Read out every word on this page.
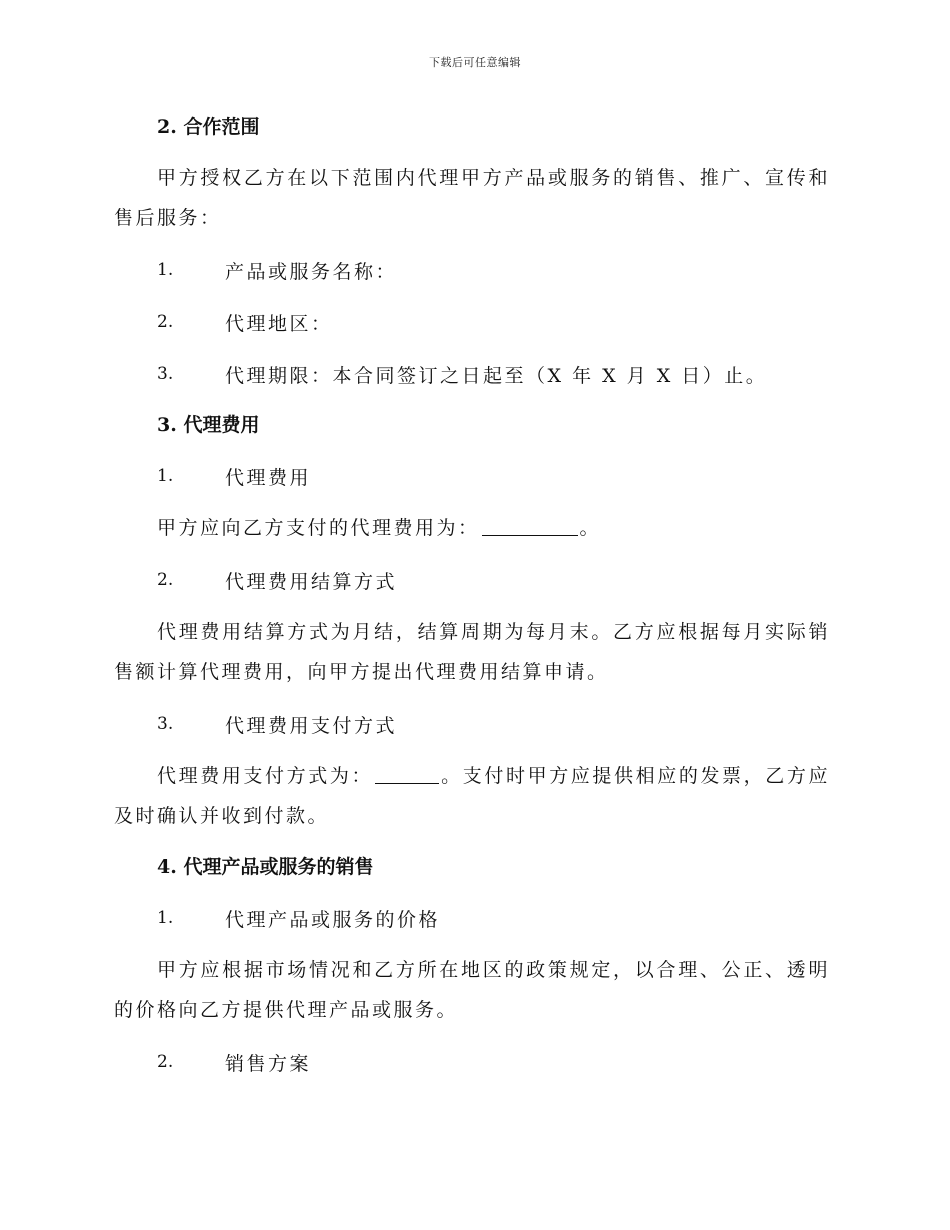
下载后可任意编辑
2. 合作范围

甲方授权乙方在以下范围内代理甲方产品或服务的销售、推广、宣传和售后服务：

1.	产品或服务名称：
2.	代理地区：
3.	代理期限：本合同签订之日起至（X 年 X 月 X 日）止。
3. 代理费用
1.	代理费用

甲方应向乙方支付的代理费用为：	。

2.	代理费用结算方式

代理费用结算方式为月结，结算周期为每月末。乙方应根据每月实际销售额计算代理费用，向甲方提出代理费用结算申请。

3.	代理费用支付方式

代理费用支付方式为：	。支付时甲方应提供相应的发票，乙方应及时确认并收到付款。

4. 代理产品或服务的销售
1.	代理产品或服务的价格

甲方应根据市场情况和乙方所在地区的政策规定，以合理、公正、透明的价格向乙方提供代理产品或服务。

2.	销售方案
